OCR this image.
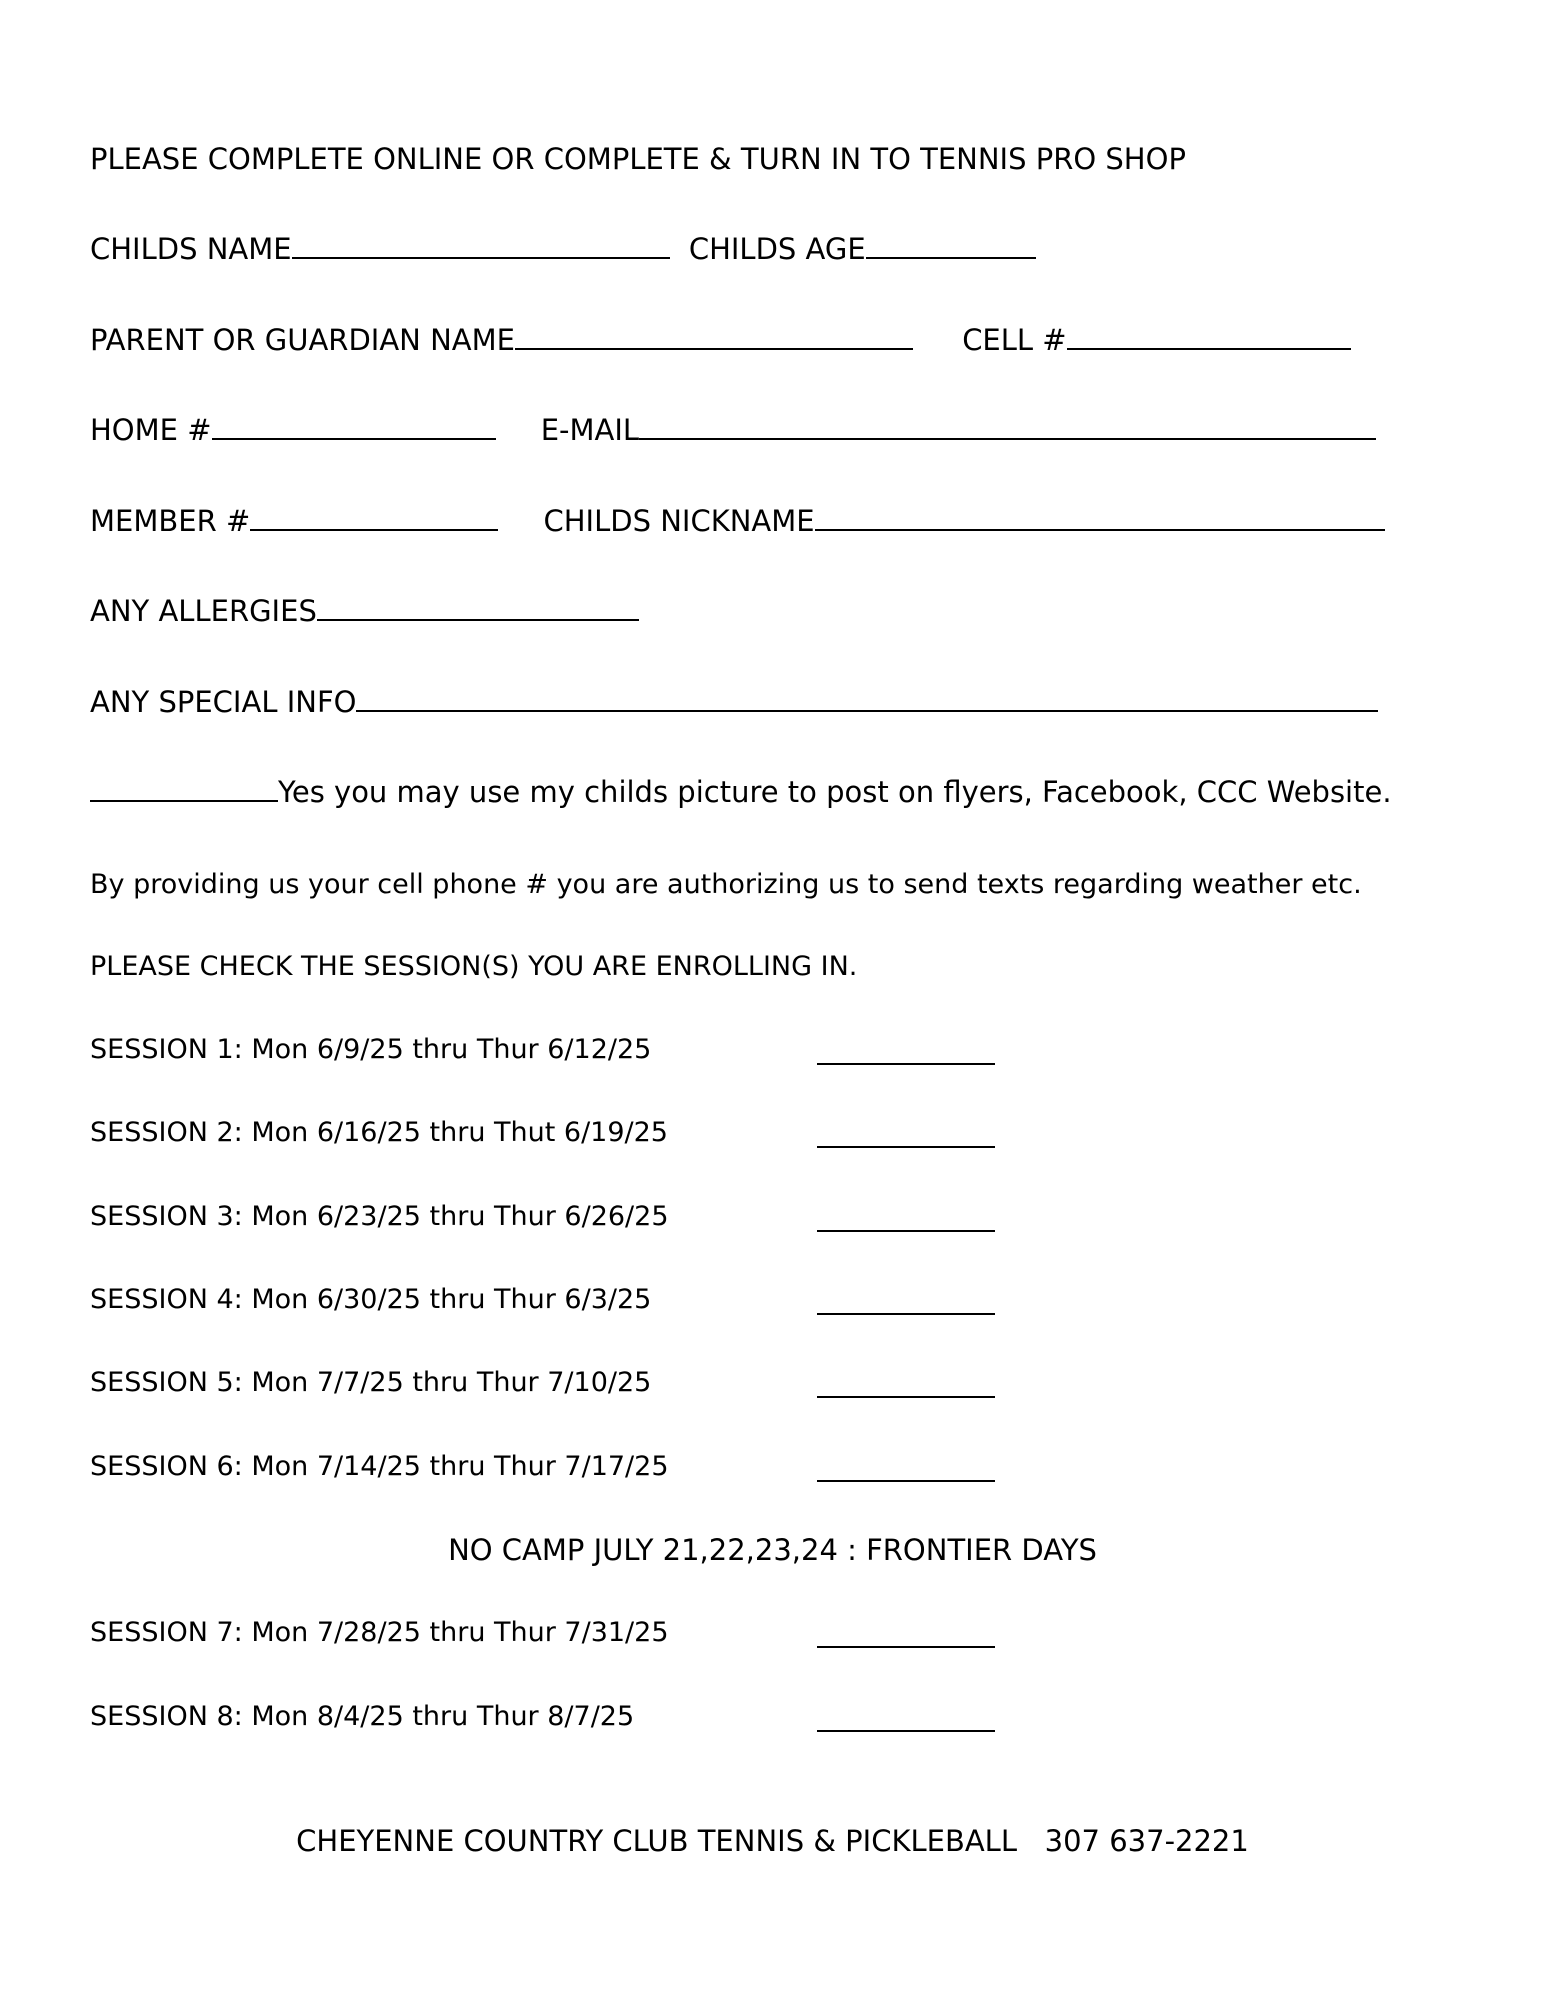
PLEASE COMPLETE ONLINE OR COMPLETE & TURN IN TO TENNIS PRO SHOP
CHILDS NAME	CHILDS AGE
PARENT OR GUARDIAN NAME	CELL #
HOME #	E-MAIL
MEMBER #	CHILDS NICKNAME
ANY ALLERGIES
ANY SPECIAL INFO
Yes you may use my childs picture to post on flyers, Facebook, CCC Website.
By providing us your cell phone # you are authorizing us to send texts regarding weather etc.
PLEASE CHECK THE SESSION(S) YOU ARE ENROLLING IN.
SESSION 1: Mon 6/9/25 thru Thur 6/12/25
SESSION 2: Mon 6/16/25 thru Thut 6/19/25
SESSION 3: Mon 6/23/25 thru Thur 6/26/25
SESSION 4: Mon 6/30/25 thru Thur 6/3/25
SESSION 5: Mon 7/7/25 thru Thur 7/10/25
SESSION 6: Mon 7/14/25 thru Thur 7/17/25
NO CAMP JULY 21,22,23,24 : FRONTIER DAYS
SESSION 7: Mon 7/28/25 thru Thur 7/31/25
SESSION 8: Mon 8/4/25 thru Thur 8/7/25
CHEYENNE COUNTRY CLUB TENNIS & PICKLEBALL   307 637-2221
